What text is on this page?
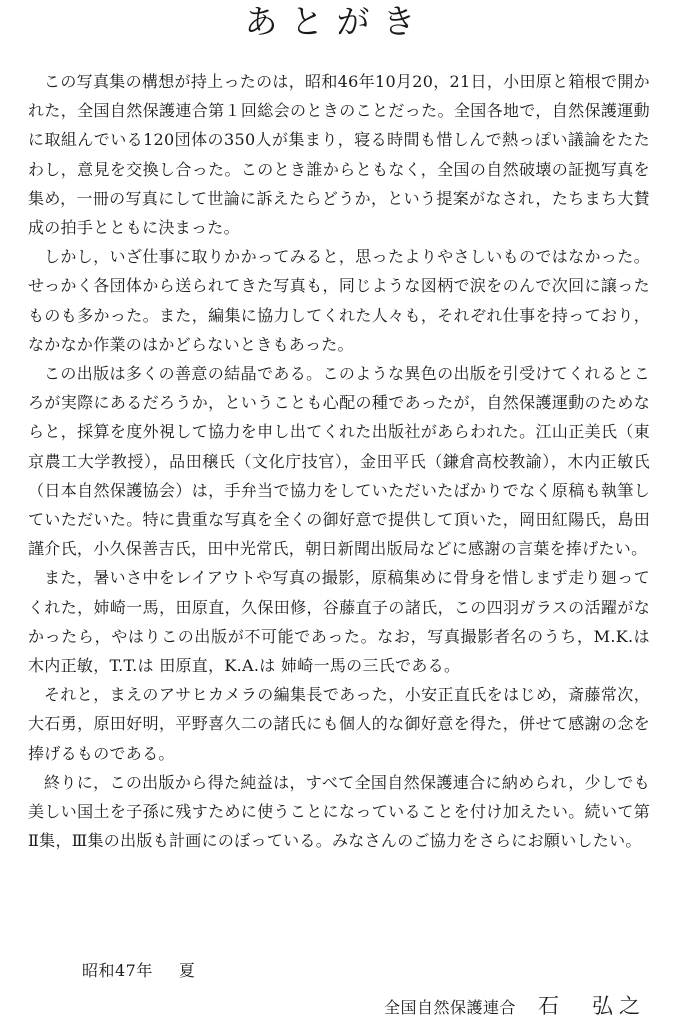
あとがき

この写真集の構想が持上ったのは，昭和46年10月20，21日，小田原と箱根で開かれた，全国自然保護連合第１回総会のときのことだった。全国各地で，自然保護運動に取組んでいる120団体の350人が集まり，寝る時間も惜しんで熱っぽい議論をたたわし，意見を交換し合った。このとき誰からともなく，全国の自然破壊の証拠写真を集め，一冊の写真にして世論に訴えたらどうか，という提案がなされ，たちまち大賛成の拍手とともに決まった。

しかし，いざ仕事に取りかかってみると，思ったよりやさしいものではなかった。せっかく各団体から送られてきた写真も，同じような図柄で涙をのんで次回に譲ったものも多かった。また，編集に協力してくれた人々も，それぞれ仕事を持っており，なかなか作業のはかどらないときもあった。

この出版は多くの善意の結晶である。このような異色の出版を引受けてくれるところが実際にあるだろうか，ということも心配の種であったが，自然保護運動のためならと，採算を度外視して協力を申し出てくれた出版社があらわれた。江山正美氏（東京農工大学教授），品田穣氏（文化庁技官），金田平氏（鎌倉高校教諭），木内正敏氏（日本自然保護協会）は，手弁当で協力をしていただいたばかりでなく原稿も執筆していただいた。特に貴重な写真を全くの御好意で提供して頂いた，岡田紅陽氏，島田謹介氏，小久保善吉氏，田中光常氏，朝日新聞出版局などに感謝の言葉を捧げたい。

また，暑いさ中をレイアウトや写真の撮影，原稿集めに骨身を惜しまず走り廻ってくれた，姉崎一馬，田原直，久保田修，谷藤直子の諸氏，この四羽ガラスの活躍がなかったら，やはりこの出版が不可能であった。なお，写真撮影者名のうち，M.K.は木内正敏，T.T.は 田原直，K.A.は 姉崎一馬の三氏である。

それと，まえのアサヒカメラの編集長であった，小安正直氏をはじめ，斎藤常次，大石勇，原田好明，平野喜久二の諸氏にも個人的な御好意を得た，併せて感謝の念を捧げるものである。

終りに，この出版から得た純益は，すべて全国自然保護連合に納められ，少しでも美しい国土を子孫に残すために使うことになっていることを付け加えたい。続いて第Ⅱ集，Ⅲ集の出版も計画にのぼっている。みなさんのご協力をさらにお願いしたい。

昭和47年 夏
全国自然保護連合 石　弘之
